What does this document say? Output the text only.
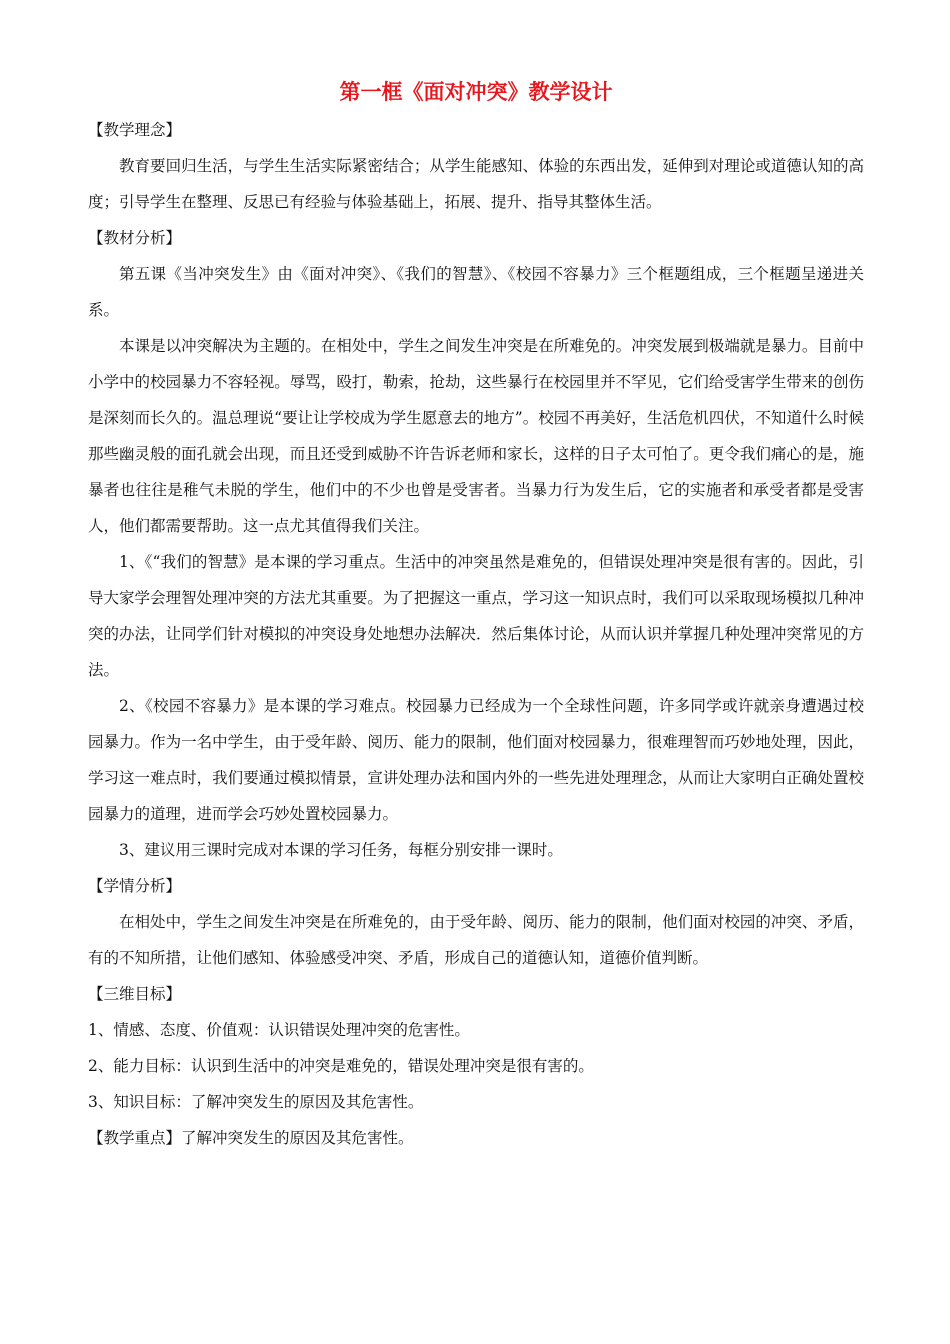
第一框《面对冲突》教学设计
【教学理念】

教育要回归生活，与学生生活实际紧密结合；从学生能感知、体验的东西出发，延伸到对理论或道德认知的高度；引导学生在整理、反思已有经验与体验基础上，拓展、提升、指导其整体生活。

【教材分析】

第五课《当冲突发生》由《面对冲突》、《我们的智慧》、《校园不容暴力》三个框题组成，三个框题呈递进关系。

本课是以冲突解决为主题的。在相处中，学生之间发生冲突是在所难免的。冲突发展到极端就是暴力。目前中小学中的校园暴力不容轻视。辱骂，殴打，勒索，抢劫，这些暴行在校园里并不罕见，它们给受害学生带来的创伤是深刻而长久的。温总理说“要让让学校成为学生愿意去的地方”。校园不再美好，生活危机四伏，不知道什么时候那些幽灵般的面孔就会出现，而且还受到威胁不许告诉老师和家长，这样的日子太可怕了。更令我们痛心的是，施暴者也往往是稚气未脱的学生，他们中的不少也曾是受害者。当暴力行为发生后，它的实施者和承受者都是受害人，他们都需要帮助。这一点尤其值得我们关注。

1、《“我们的智慧》是本课的学习重点。生活中的冲突虽然是难免的，但错误处理冲突是很有害的。因此，引导大家学会理智处理冲突的方法尤其重要。为了把握这一重点，学习这一知识点时，我们可以采取现场模拟几种冲突的办法，让同学们针对模拟的冲突设身处地想办法解决．然后集体讨论，从而认识并掌握几种处理冲突常见的方法。

2、《校园不容暴力》是本课的学习难点。校园暴力已经成为一个全球性问题，许多同学或许就亲身遭遇过校园暴力。作为一名中学生，由于受年龄、阅历、能力的限制，他们面对校园暴力，很难理智而巧妙地处理，因此，学习这一难点时，我们要通过模拟情景，宣讲处理办法和国内外的一些先进处理理念，从而让大家明白正确处置校园暴力的道理，进而学会巧妙处置校园暴力。

3、建议用三课时完成对本课的学习任务，每框分别安排一课时。

【学情分析】

在相处中，学生之间发生冲突是在所难免的，由于受年龄、阅历、能力的限制，他们面对校园的冲突、矛盾，有的不知所措，让他们感知、体验感受冲突、矛盾，形成自己的道德认知，道德价值判断。

【三维目标】

1、情感、态度、价值观：认识错误处理冲突的危害性。

2、能力目标：认识到生活中的冲突是难免的，错误处理冲突是很有害的。

3、知识目标：了解冲突发生的原因及其危害性。

【教学重点】了解冲突发生的原因及其危害性。
